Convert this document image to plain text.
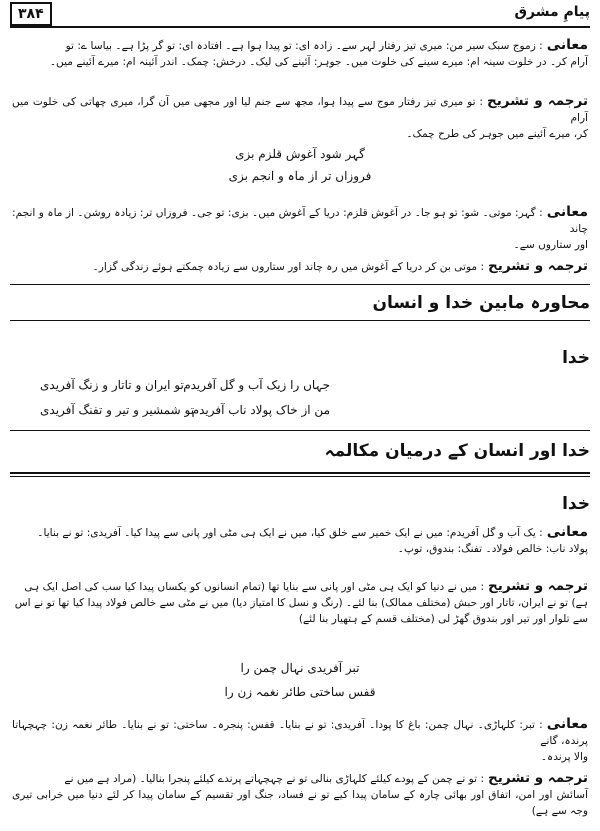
پیامِ مشرق
۳۸۴
معانی: زموج سبک سیر من: میری تیز رفتار لہر سے۔ زادہ ای: تو پیدا ہوا ہے۔ افتادہ ای: تو گر پڑا ہے۔ بیاسا ے: تو
آرام کر۔ در خلوت سینہ ام: میرے سینے کی خلوت میں۔ جوہر: آئینے کی لیک۔ درخش: چمک۔ اندر آئینہ ام: میرے آئینے میں۔
ترجمہ و تشریح: تو میری تیز رفتار موج سے پیدا ہوا، مجھ سے جنم لیا اور مجھی میں آن گرا، میری چھاتی کی خلوت میں آرام
کر، میرے آئینے میں جوہر کی طرح چمک۔
گہر شود آغوش قلزم بزی
فروزاں تر از ماہ و انجم بزی
معانی: گہر: موتی۔ شو: تو ہو جا۔ در آغوش قلزم: دریا کے آغوش میں۔ بزی: تو جی۔ فروزاں تر: زیادہ روشن۔ از ماہ و انجم: چاند
اور ستاروں سے۔
ترجمہ و تشریح: موتی بن کر دریا کے آغوش میں رہ چاند اور ستاروں سے زیادہ چمکتے ہوئے زندگی گزار۔
محاورہ مابین خدا و انسان
خدا
جہاں را زیک آب و گل آفریدم
تو ایران و تاتار و زنگ آفریدی
من از خاک پولاد ناب آفریدم
تو شمشیر و تیر و تفنگ آفریدی
خدا اور انسان کے درمیان مکالمہ
خدا
معانی: یک آب و گل آفریدم: میں نے ایک خمیر سے خلق کیا، میں نے ایک ہی مٹی اور پانی سے پیدا کیا۔ آفریدی: تو نے بنایا۔
پولاد ناب: خالص فولاد۔ تفنگ: بندوق، توپ۔
ترجمہ و تشریح: میں نے دنیا کو ایک ہی مٹی اور پانی سے بنایا تھا (تمام انسانوں کو یکساں پیدا کیا سب کی اصل ایک ہی
ہے) تو نے ایران، تاتار اور حبش (مختلف ممالک) بنا لئے۔ (رنگ و نسل کا امتیاز دیا) میں نے مٹی سے خالص فولاد پیدا کیا تھا تو نے اس
سے تلوار اور تیر اور بندوق گھڑ لی (مختلف قسم کے ہتھیار بنا لئے)
تبر آفریدی نہال چمن را
قفس ساختی طائر نغمہ زن را
معانی: تبر: کلہاڑی۔ نہال چمن: باغ کا پودا۔ آفریدی: تو نے بنایا۔ قفس: پنجرہ۔ ساختی: تو نے بنایا۔ طائر نغمہ زن: چہچہاتا پرندہ، گانے
والا پرندہ۔
ترجمہ و تشریح: تو نے چمن کے پودے کیلئے کلہاڑی بنالی تو نے چہچہاتے پرندے کیلئے پنجرا بنالیا۔ (مراد ہے میں نے
آسائش اور امن، اتفاق اور بھائی چارہ کے سامان پیدا کیے تو نے فساد، جنگ اور تقسیم کے سامان پیدا کر لئے دنیا میں خرابی تیری وجہ سے ہے)
